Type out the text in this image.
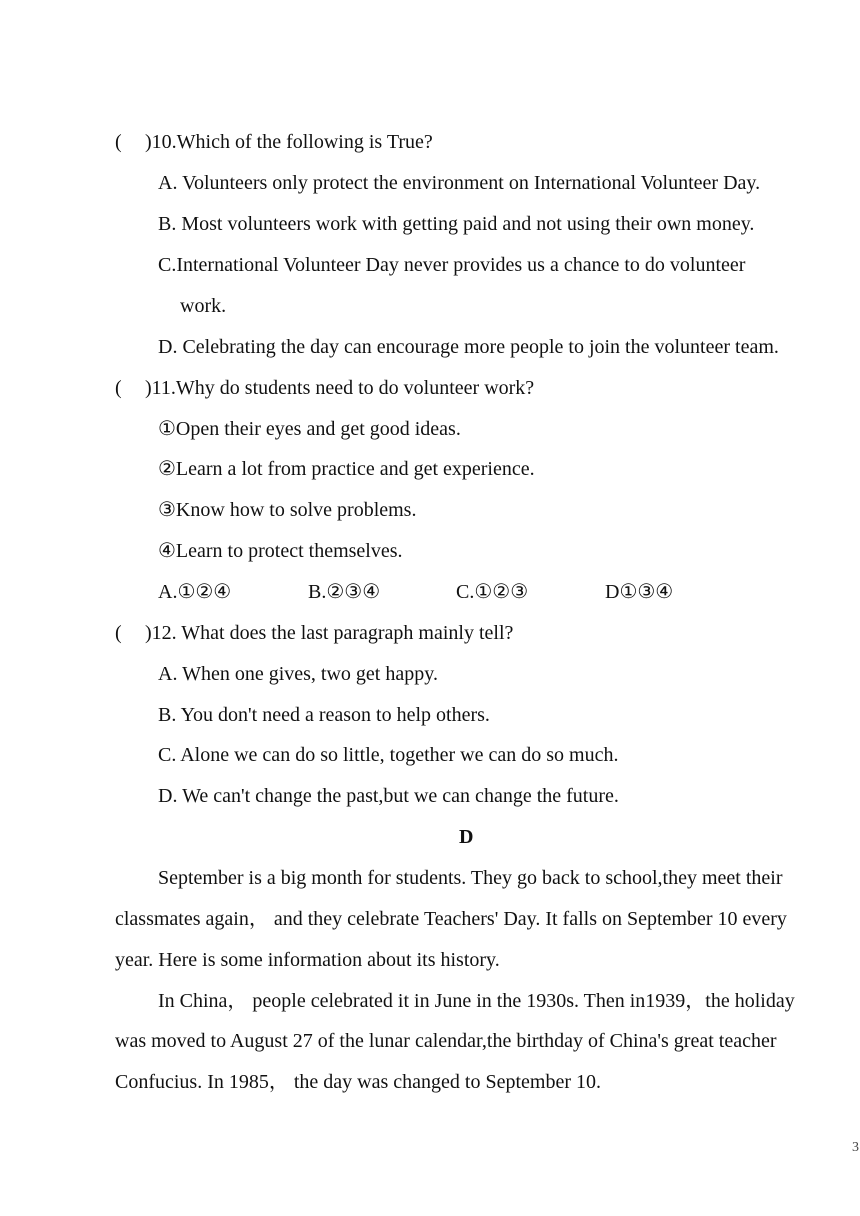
( )10.Which of the following is True?
A. Volunteers only protect the environment on International Volunteer Day.
B. Most volunteers work with getting paid and not using their own money.
C.International Volunteer Day never provides us a chance to do volunteer
work.
D. Celebrating the day can encourage more people to join the volunteer team.
( )11.Why do students need to do volunteer work?
①Open their eyes and get good ideas.
②Learn a lot from practice and get experience.
③Know how to solve problems.
④Learn to protect themselves.
A.①②④	B.②③④	C.①②③	D①③④
( )12. What does the last paragraph mainly tell?
A. When one gives, two get happy.
B. You don't need a reason to help others.
C. Alone we can do so little, together we can do so much.
D. We can't change the past,but we can change the future.
D
September is a big month for students. They go back to school,they meet their
classmates again， and they celebrate Teachers' Day. It falls on September 10 every
year. Here is some information about its history.
In China， people celebrated it in June in the 1930s. Then in1939，the holiday
was moved to August 27 of the lunar calendar,the birthday of China's great teacher
Confucius. In 1985， the day was changed to September 10.
3
